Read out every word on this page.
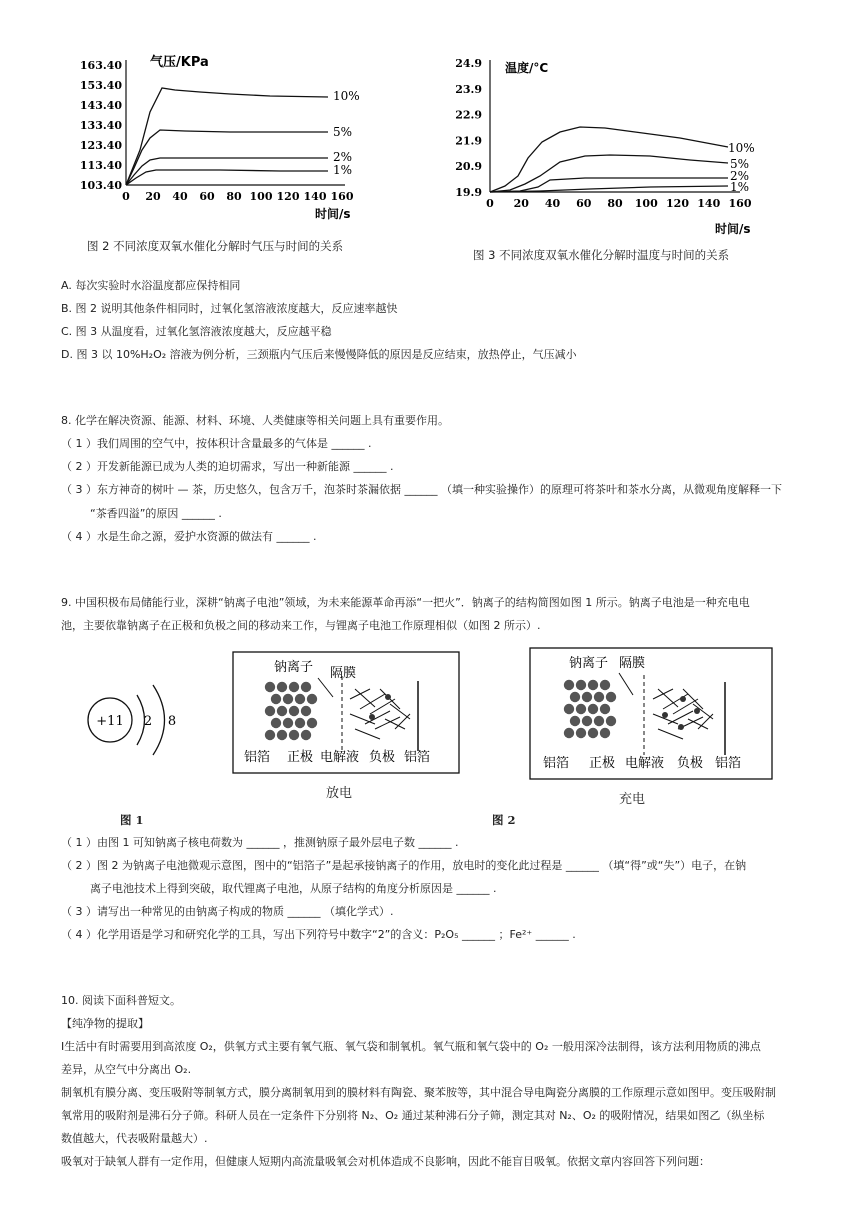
163.40
153.40
143.40
133.40
123.40
113.40
103.40
0 20 40 60 80 100 120 140 160
气压/KPa
时间/s
10%
5%
2%
1%
图 2 不同浓度双氧水催化分解时气压与时间的关系
24.9
23.9
22.9
21.9
20.9
19.9
0 20 40 60 80 100 120 140 160
温度/°C
时间/s
10%
5%
2%
1%
图 3 不同浓度双氧水催化分解时温度与时间的关系
A. 每次实验时水浴温度都应保持相同
B. 图 2 说明其他条件相同时，过氧化氢溶液浓度越大，反应速率越快
C. 图 3 从温度看，过氧化氢溶液浓度越大，反应越平稳
D. 图 3 以 10%H₂O₂ 溶液为例分析，三颈瓶内气压后来慢慢降低的原因是反应结束，放热停止，气压减小
8. 化学在解决资源、能源、材料、环境、人类健康等相关问题上具有重要作用。
（ 1 ）我们周围的空气中，按体积计含量最多的气体是 ______ .
（ 2 ）开发新能源已成为人类的迫切需求，写出一种新能源 ______ .
（ 3 ）东方神奇的树叶 — 茶，历史悠久，包含万千，泡茶时茶漏依据 ______ （填一种实验操作）的原理可将茶叶和茶水分离，从微观角度解释一下
“茶香四溢”的原因 ______ .
（ 4 ）水是生命之源，爱护水资源的做法有 ______ .
9. 中国积极布局储能行业，深耕“钠离子电池”领域，为未来能源革命再添“一把火”．钠离子的结构简图如图 1 所示。钠离子电池是一种充电电
池，主要依靠钠离子在正极和负极之间的移动来工作，与锂离子电池工作原理相似（如图 2 所示）.
+11 2 8
图 1
钠离子 隔膜
铝箔 正极 电解液 负极 铝箔
放电
钠离子 隔膜
铝箔 正极 电解液 负极 铝箔
充电
图 2
（ 1 ）由图 1 可知钠离子核电荷数为 ______ ，推测钠原子最外层电子数 ______ .
（ 2 ）图 2 为钠离子电池微观示意图，图中的“铝箔子”是起承接钠离子的作用，放电时的变化此过程是 ______ （填“得”或“失”）电子，在钠
离子电池技术上得到突破，取代锂离子电池，从原子结构的角度分析原因是 ______ .
（ 3 ）请写出一种常见的由钠离子构成的物质 ______ （填化学式）.
（ 4 ）化学用语是学习和研究化学的工具，写出下列符号中数字“2”的含义：P₂O₅ ______ ；Fe²⁺ ______ .
10. 阅读下面科普短文。
【纯净物的提取】
Ⅰ生活中有时需要用到高浓度 O₂，供氧方式主要有氧气瓶、氧气袋和制氧机。氧气瓶和氧气袋中的 O₂ 一般用深冷法制得，该方法利用物质的沸点
差异，从空气中分离出 O₂.
制氧机有膜分离、变压吸附等制氧方式，膜分离制氧用到的膜材料有陶瓷、聚苯胺等，其中混合导电陶瓷分离膜的工作原理示意如图甲。变压吸附制
氧常用的吸附剂是沸石分子筛。科研人员在一定条件下分别将 N₂、O₂ 通过某种沸石分子筛，测定其对 N₂、O₂ 的吸附情况，结果如图乙（纵坐标
数值越大，代表吸附量越大）.
吸氧对于缺氧人群有一定作用，但健康人短期内高流量吸氧会对机体造成不良影响，因此不能盲目吸氧。依据文章内容回答下列问题：
